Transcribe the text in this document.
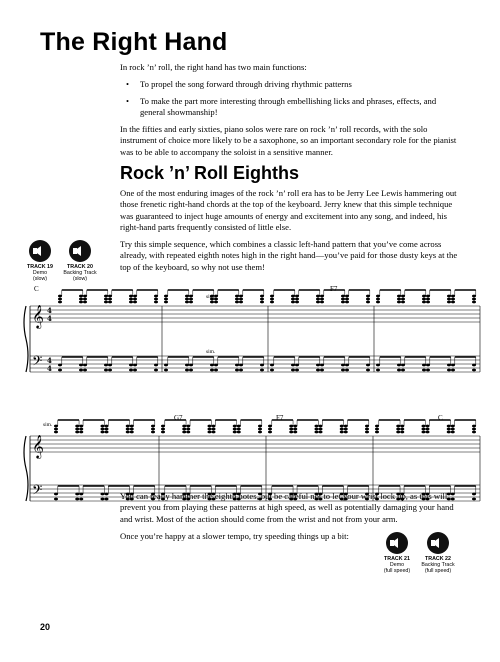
The Right Hand

In rock ’n’ roll, the right hand has two main functions:

• To propel the song forward through driving rhythmic patterns
• To make the part more interesting through embellishing licks and phrases, effects, and general showmanship!

In the fifties and early sixties, piano solos were rare on rock ’n’ roll records, with the solo instrument of choice more likely to be a saxophone, so an important secondary role for the pianist was to be able to accompany the soloist in a sensitive manner.

Rock ’n’ Roll Eighths

One of the most enduring images of the rock ’n’ roll era has to be Jerry Lee Lewis hammering out those frenetic right-hand chords at the top of the keyboard. Jerry knew that this simple technique was guaranteed to inject huge amounts of energy and excitement into any song, and indeed, his right-hand parts frequently consisted of little else.

Try this simple sequence, which combines a classic left-hand pattern that you’ve come across already, with repeated eighth notes high in the right hand—you’ve paid for those dusty keys at the top of the keyboard, so why not use them!

TRACK 19
Demo
(slow)
TRACK 20
Backing Track
(slow)
𝄞
𝄢
4
4
4
4
𝄞
𝄢
C	F7
sim.
sim.
G7	F7	C
sim.

You can really hammer the eighth notes, but be careful not to let your wrist lock up, as this will prevent you from playing these patterns at high speed, as well as potentially damaging your hand and wrist. Most of the action should come from the wrist and not from your arm.

Once you’re happy at a slower tempo, try speeding things up a bit:

TRACK 21
Demo
(full speed)
TRACK 22
Backing Track
(full speed)
20
